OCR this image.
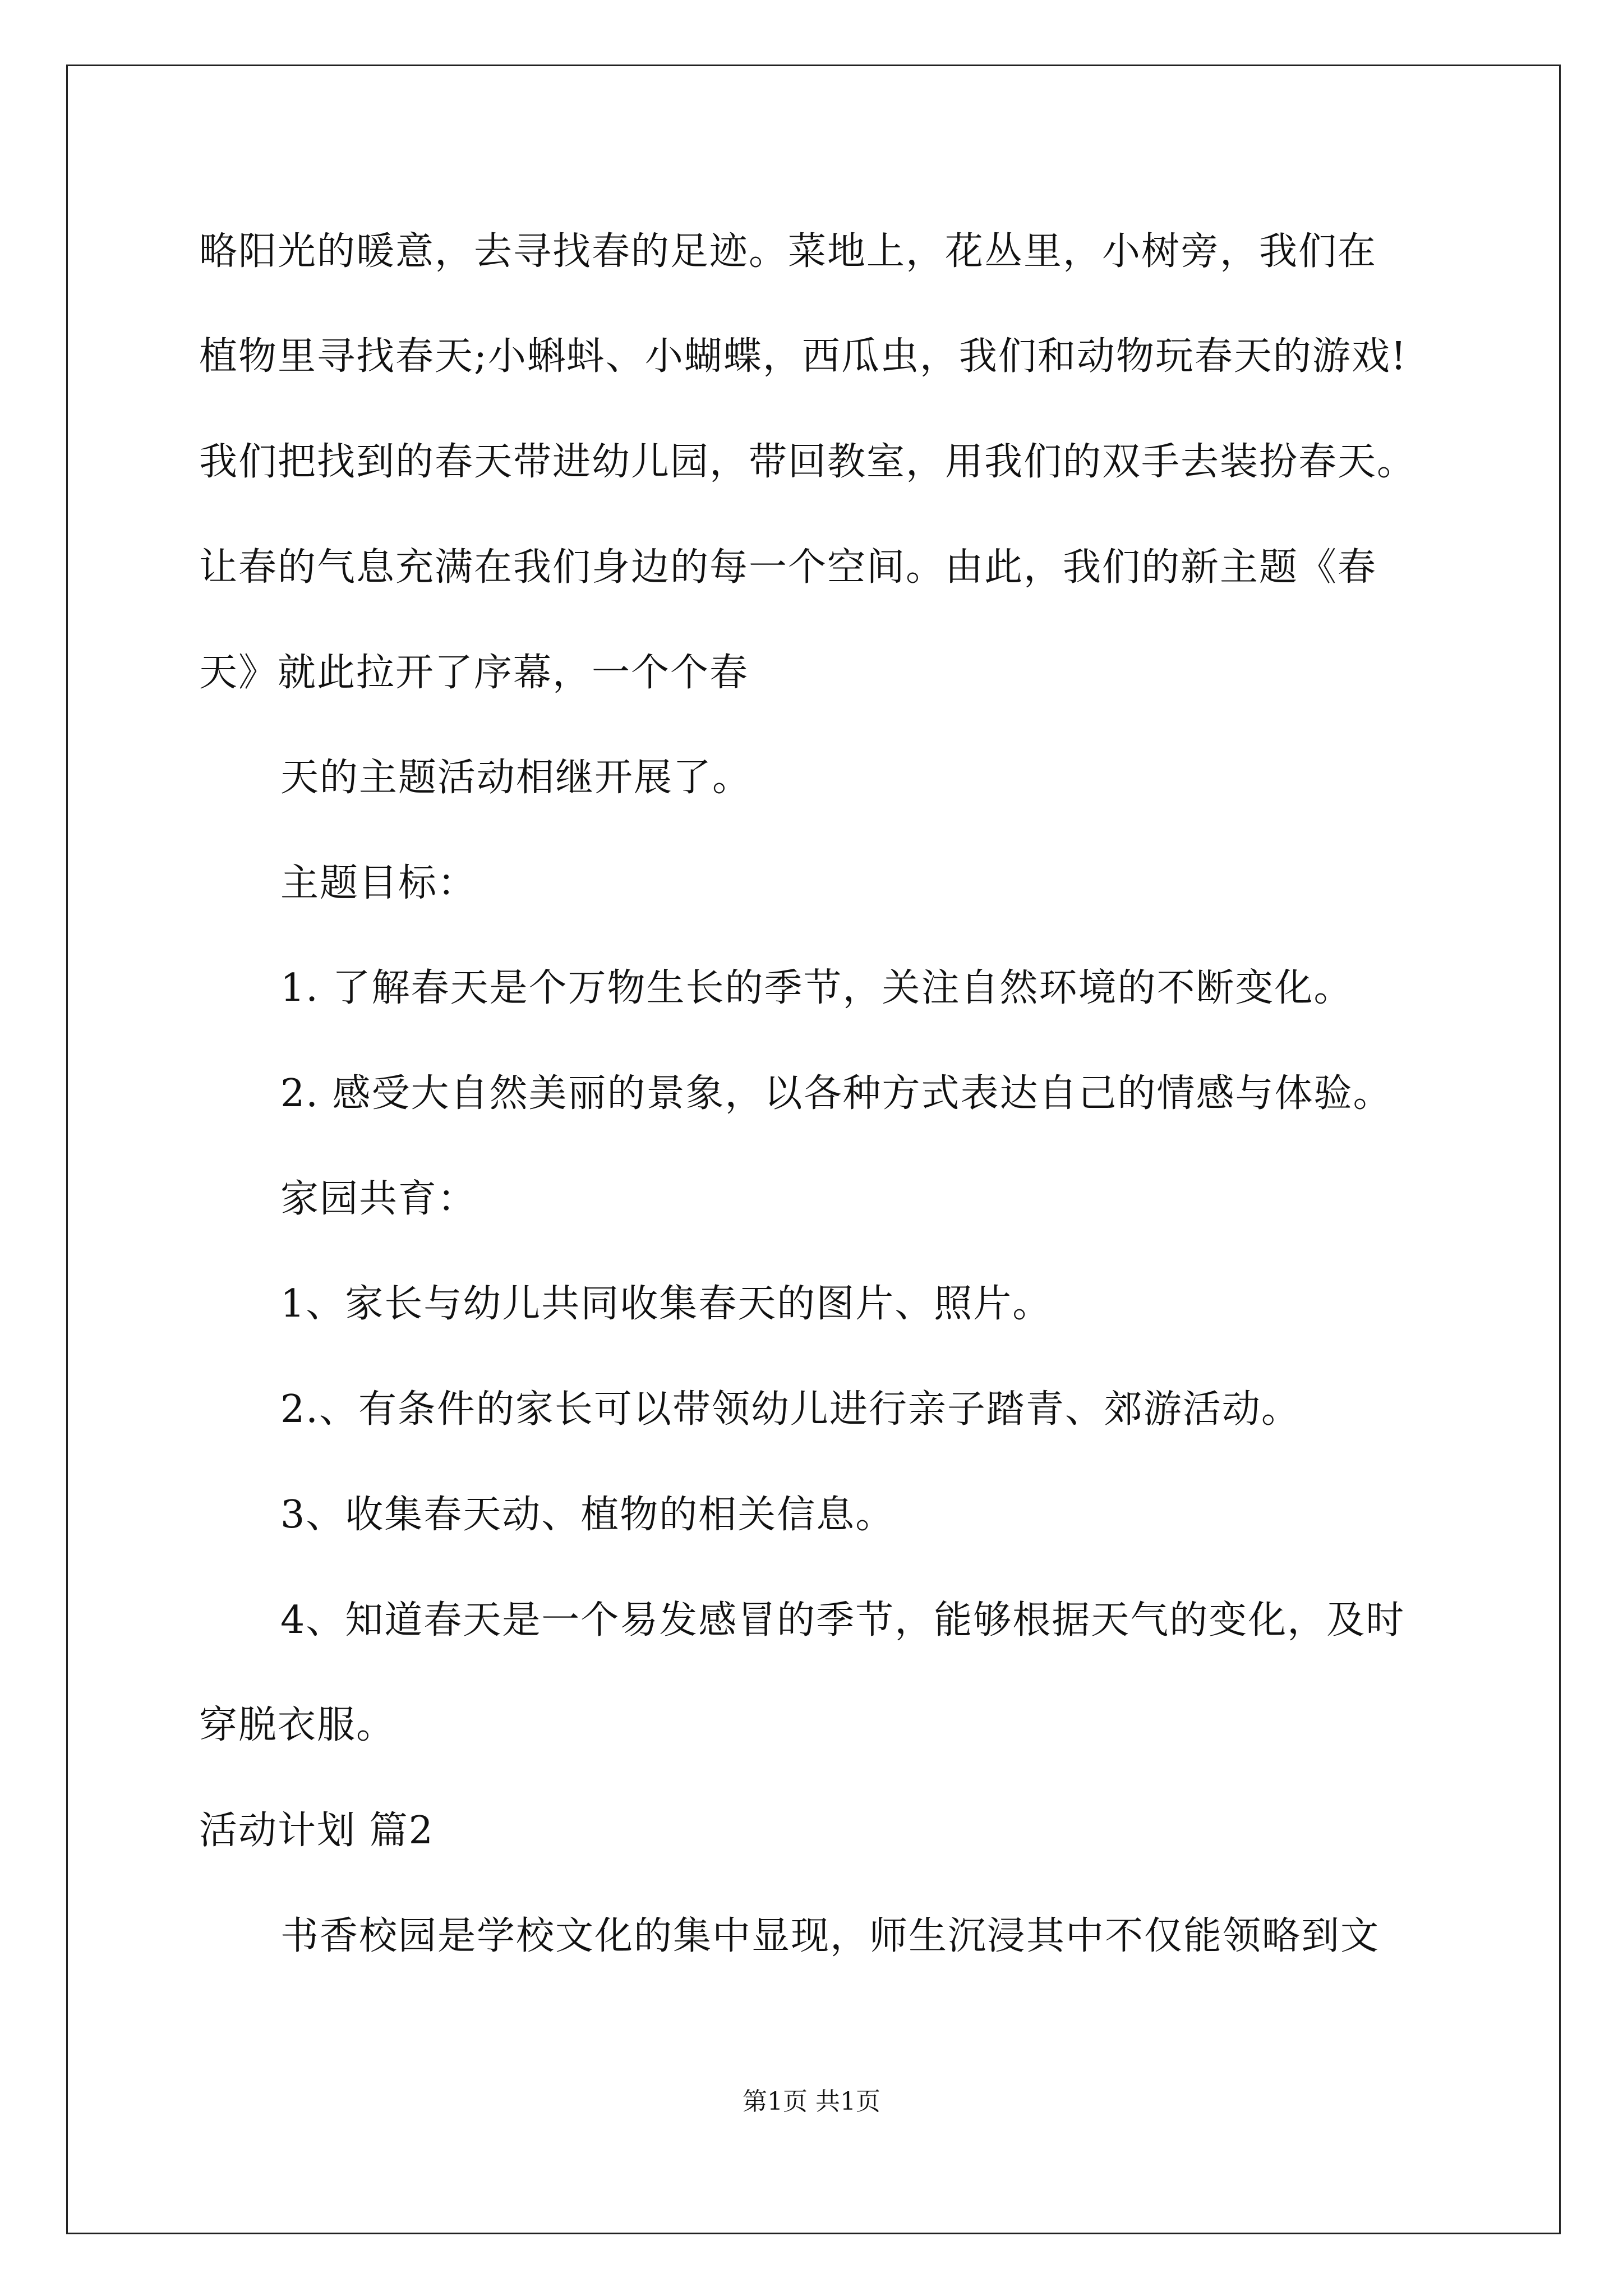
略阳光的暖意，去寻找春的足迹。菜地上，花丛里，小树旁，我们在
植物里寻找春天;小蝌蚪、小蝴蝶，西瓜虫，我们和动物玩春天的游戏!
我们把找到的春天带进幼儿园，带回教室，用我们的双手去装扮春天。
让春的气息充满在我们身边的每一个空间。由此，我们的新主题《春
天》就此拉开了序幕，一个个春
天的主题活动相继开展了。
主题目标：
1. 了解春天是个万物生长的季节，关注自然环境的不断变化。
2. 感受大自然美丽的景象，以各种方式表达自己的情感与体验。
家园共育：
1、家长与幼儿共同收集春天的图片、照片。
2.、有条件的家长可以带领幼儿进行亲子踏青、郊游活动。
3、收集春天动、植物的相关信息。
4、知道春天是一个易发感冒的季节，能够根据天气的变化，及时
穿脱衣服。
活动计划 篇2
书香校园是学校文化的集中显现，师生沉浸其中不仅能领略到文
第1页 共1页
